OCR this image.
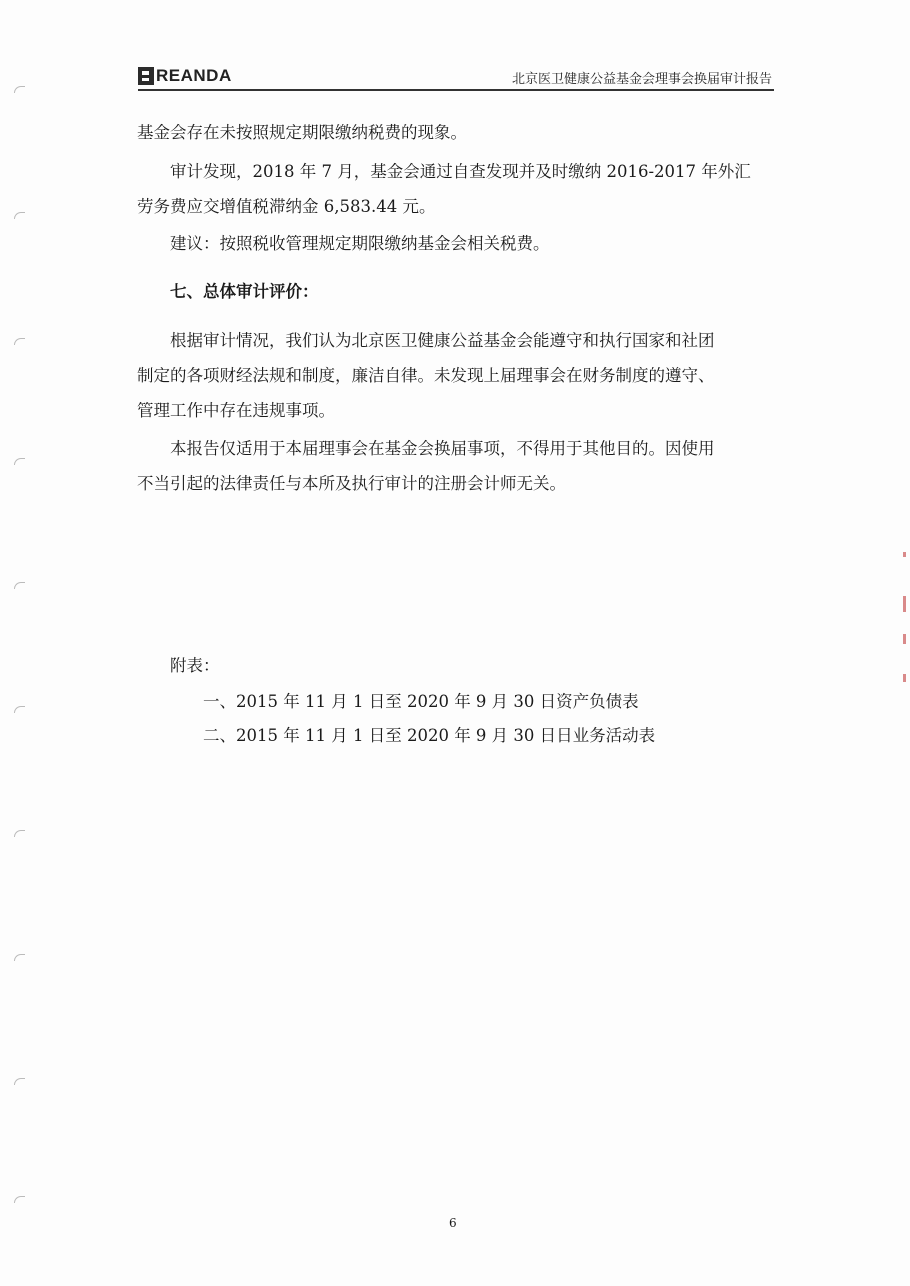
REANDA	北京医卫健康公益基金会理事会换届审计报告

基金会存在未按照规定期限缴纳税费的现象。

审计发现，2018 年 7 月，基金会通过自查发现并及时缴纳 2016-2017 年外汇
劳务费应交增值税滞纳金 6,583.44 元。

建议：按照税收管理规定期限缴纳基金会相关税费。

七、总体审计评价：

根据审计情况，我们认为北京医卫健康公益基金会能遵守和执行国家和社团
制定的各项财经法规和制度，廉洁自律。未发现上届理事会在财务制度的遵守、
管理工作中存在违规事项。

本报告仅适用于本届理事会在基金会换届事项，不得用于其他目的。因使用
不当引起的法律责任与本所及执行审计的注册会计师无关。

附表：
一、2015 年 11 月 1 日至 2020 年 9 月 30 日资产负债表
二、2015 年 11 月 1 日至 2020 年 9 月 30 日日业务活动表
6
